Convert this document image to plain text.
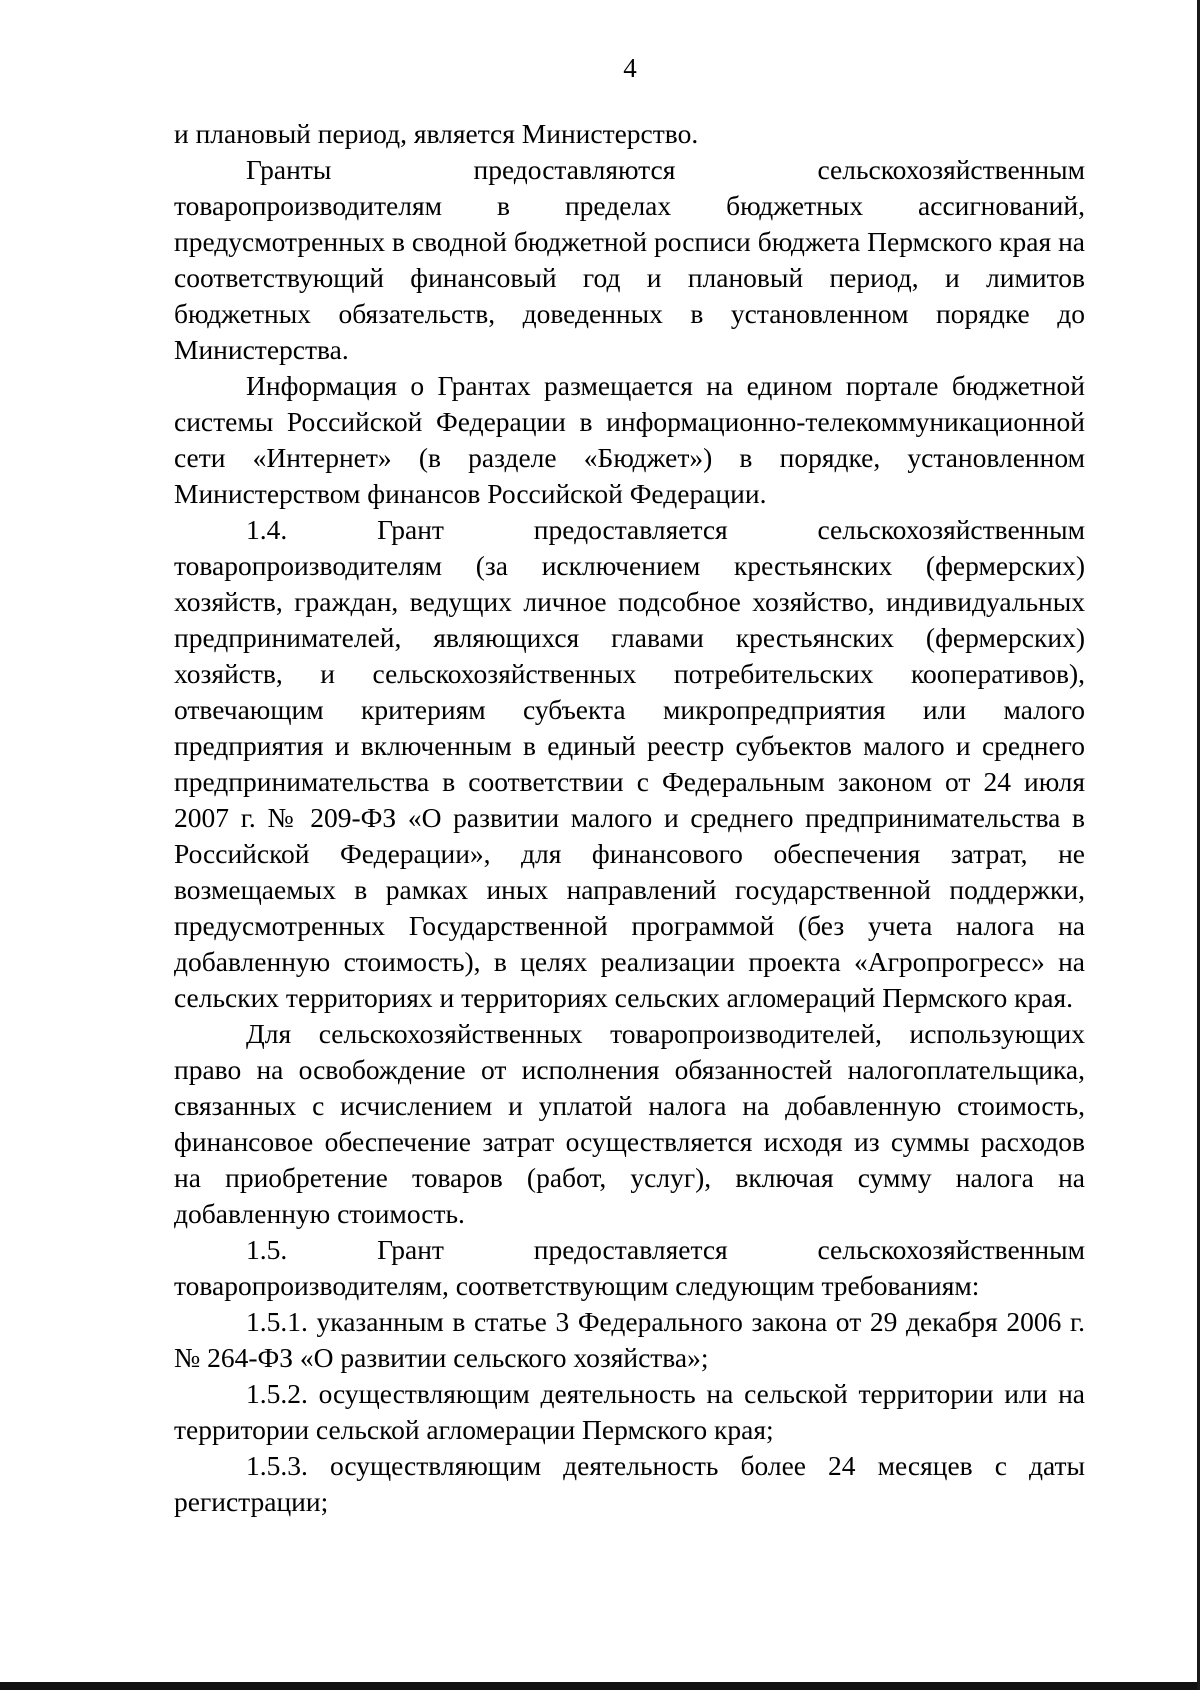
4

и плановый период, является Министерство.

Гранты предоставляются сельскохозяйственным товаропроизводителям в пределах бюджетных ассигнований, предусмотренных в сводной бюджетной росписи бюджета Пермского края на соответствующий финансовый год и плановый период, и лимитов бюджетных обязательств, доведенных в установленном порядке до Министерства.

Информация о Грантах размещается на едином портале бюджетной системы Российской Федерации в информационно-телекоммуникационной сети «Интернет» (в разделе «Бюджет») в порядке, установленном Министерством финансов Российской Федерации.

1.4. Грант предоставляется сельскохозяйственным товаропроизводителям (за исключением крестьянских (фермерских) хозяйств, граждан, ведущих личное подсобное хозяйство, индивидуальных предпринимателей, являющихся главами крестьянских (фермерских) хозяйств, и сельскохозяйственных потребительских кооперативов), отвечающим критериям субъекта микропредприятия или малого предприятия и включенным в единый реестр субъектов малого и среднего предпринимательства в соответствии с Федеральным законом от 24 июля 2007 г. № 209-ФЗ «О развитии малого и среднего предпринимательства в Российской Федерации», для финансового обеспечения затрат, не возмещаемых в рамках иных направлений государственной поддержки, предусмотренных Государственной программой (без учета налога на добавленную стоимость), в целях реализации проекта «Агропрогресс» на сельских территориях и территориях сельских агломераций Пермского края.

Для сельскохозяйственных товаропроизводителей, использующих право на освобождение от исполнения обязанностей налогоплательщика, связанных с исчислением и уплатой налога на добавленную стоимость, финансовое обеспечение затрат осуществляется исходя из суммы расходов на приобретение товаров (работ, услуг), включая сумму налога на добавленную стоимость.

1.5. Грант предоставляется сельскохозяйственным товаропроизводителям, соответствующим следующим требованиям:

1.5.1. указанным в статье 3 Федерального закона от 29 декабря 2006 г. № 264-ФЗ «О развитии сельского хозяйства»;

1.5.2. осуществляющим деятельность на сельской территории или на территории сельской агломерации Пермского края;

1.5.3. осуществляющим деятельность более 24 месяцев с даты регистрации;
